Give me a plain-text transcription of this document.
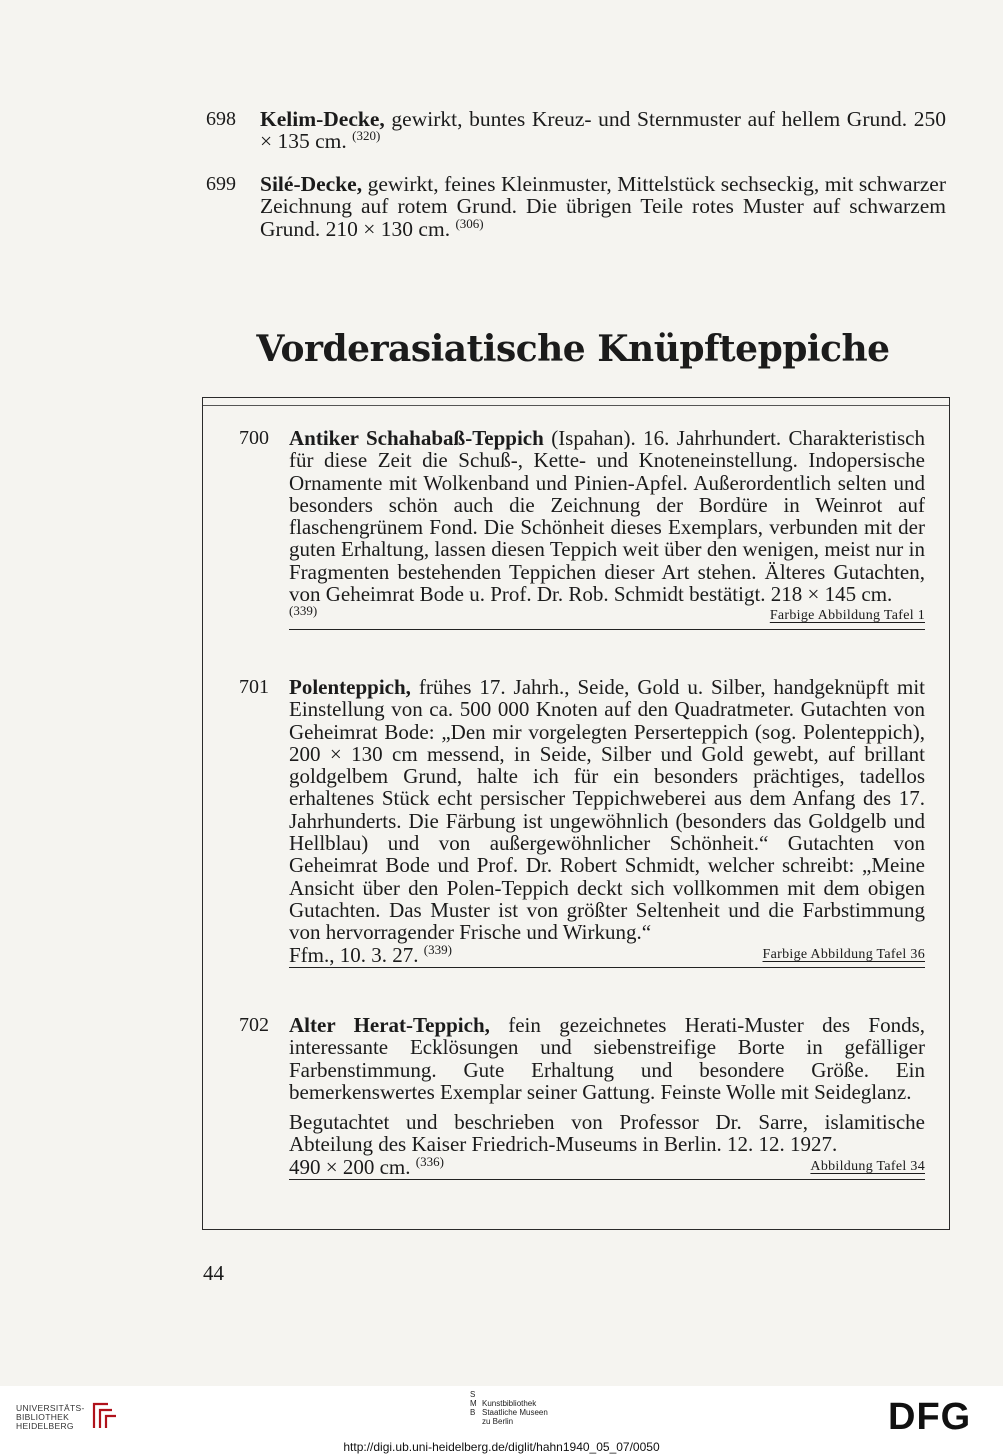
698 Kelim-Decke, gewirkt, buntes Kreuz- und Sternmuster auf hellem Grund. 250 × 135 cm. $^{(320)}$

699 Silé-Decke, gewirkt, feines Kleinmuster, Mittelstück sechseckig, mit schwarzer Zeichnung auf rotem Grund. Die übrigen Teile rotes Muster auf schwarzem Grund. 210 × 130 cm. $^{(306)}$

Vorderasiatische Knüpfteppiche
700 Antiker Schahabaß-Teppich (Ispahan). 16. Jahrhundert. Charakteristisch für diese Zeit die Schuß-, Kette- und Knoteneinstellung. Indopersische Ornamente mit Wolkenband und Pinien-Apfel. Außerordentlich selten und besonders schön auch die Zeichnung der Bordüre in Weinrot auf flaschengrünem Fond. Die Schönheit dieses Exemplars, verbunden mit der guten Erhaltung, lassen diesen Teppich weit über den wenigen, meist nur in Fragmenten bestehenden Teppichen dieser Art stehen. Älteres Gutachten, von Geheimrat Bode u. Prof. Dr. Rob. Schmidt bestätigt. 218 × 145 cm.

$^{(339)}$	Farbige Abbildung Tafel 1
701 Polenteppich, frühes 17. Jahrh., Seide, Gold u. Silber, handgeknüpft mit Einstellung von ca. 500 000 Knoten auf den Quadratmeter. Gutachten von Geheimrat Bode: „Den mir vorgelegten Perserteppich (sog. Polenteppich), 200 × 130 cm messend, in Seide, Silber und Gold gewebt, auf brillant goldgelbem Grund, halte ich für ein besonders prächtiges, tadellos erhaltenes Stück echt persischer Teppichweberei aus dem Anfang des 17. Jahrhunderts. Die Färbung ist ungewöhnlich (besonders das Goldgelb und Hellblau) und von außergewöhnlicher Schönheit.“ Gutachten von Geheimrat Bode und Prof. Dr. Robert Schmidt, welcher schreibt: „Meine Ansicht über den Polen-Teppich deckt sich vollkommen mit dem obigen Gutachten. Das Muster ist von größter Seltenheit und die Farbstimmung von hervorragender Frische und Wirkung.“

Ffm., 10. 3. 27. $^{(339)}$	Farbige Abbildung Tafel 36
702 Alter Herat-Teppich, fein gezeichnetes Herati-Muster des Fonds, interessante Ecklösungen und siebenstreifige Borte in gefälliger Farbenstimmung. Gute Erhaltung und besondere Größe. Ein bemerkenswertes Exemplar seiner Gattung. Feinste Wolle mit Seideglanz.

Begutachtet und beschrieben von Professor Dr. Sarre, islamitische Abteilung des Kaiser Friedrich-Museums in Berlin. 12. 12. 1927.

490 × 200 cm. $^{(336)}$	Abbildung Tafel 34
44
UNIVERSITÄTS-
BIBLIOTHEK
HEIDELBERG
S M
B
Kunstbibliothek
Staatliche Museen
zu Berlin	DFG
http://digi.ub.uni-heidelberg.de/diglit/hahn1940_05_07/0050
